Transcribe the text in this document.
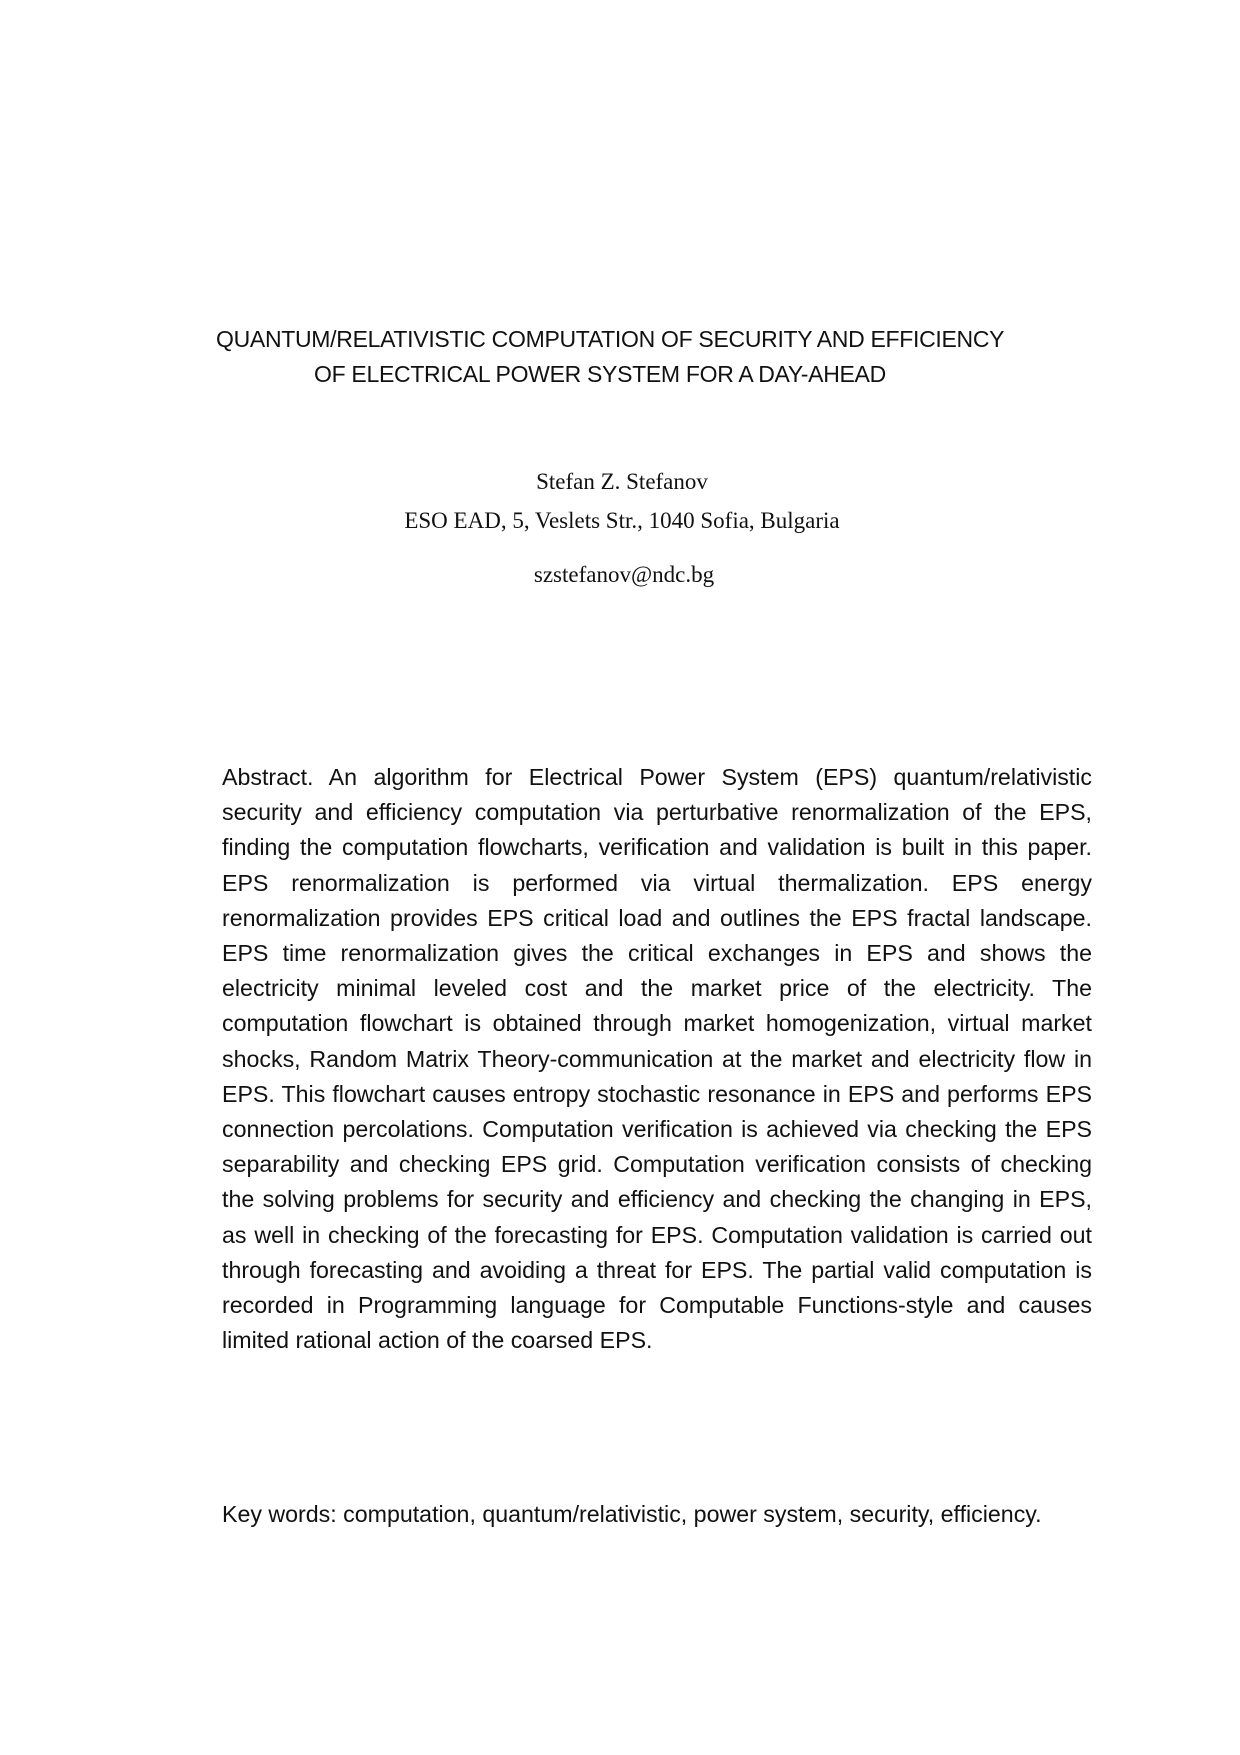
QUANTUM/RELATIVISTIC COMPUTATION OF SECURITY AND EFFICIENCY
OF ELECTRICAL POWER SYSTEM FOR A DAY-AHEAD
Stefan Z. Stefanov
ESO EAD, 5, Veslets Str., 1040 Sofia, Bulgaria
szstefanov@ndc.bg

Abstract. An algorithm for Electrical Power System (EPS) quantum/relativistic security and efficiency computation via perturbative renormalization of the EPS, finding the computation flowcharts, verification and validation is built in this paper. EPS renormalization is performed via virtual thermalization. EPS energy renormalization provides EPS critical load and outlines the EPS fractal landscape. EPS time renormalization gives the critical exchanges in EPS and shows the electricity minimal leveled cost and the market price of the electricity. The computation flowchart is obtained through market homogenization, virtual market shocks, Random Matrix Theory-communication at the market and electricity flow in EPS. This flowchart causes entropy stochastic resonance in EPS and performs EPS connection percolations. Computation verification is achieved via checking the EPS separability and checking EPS grid. Computation verification consists of checking the solving problems for security and efficiency and checking the changing in EPS, as well in checking of the forecasting for EPS. Computation validation is carried out through forecasting and avoiding a threat for EPS. The partial valid computation is recorded in Programming language for Computable Functions-style and causes limited rational action of the coarsed EPS.

Key words: computation, quantum/relativistic, power system, security, efficiency.
